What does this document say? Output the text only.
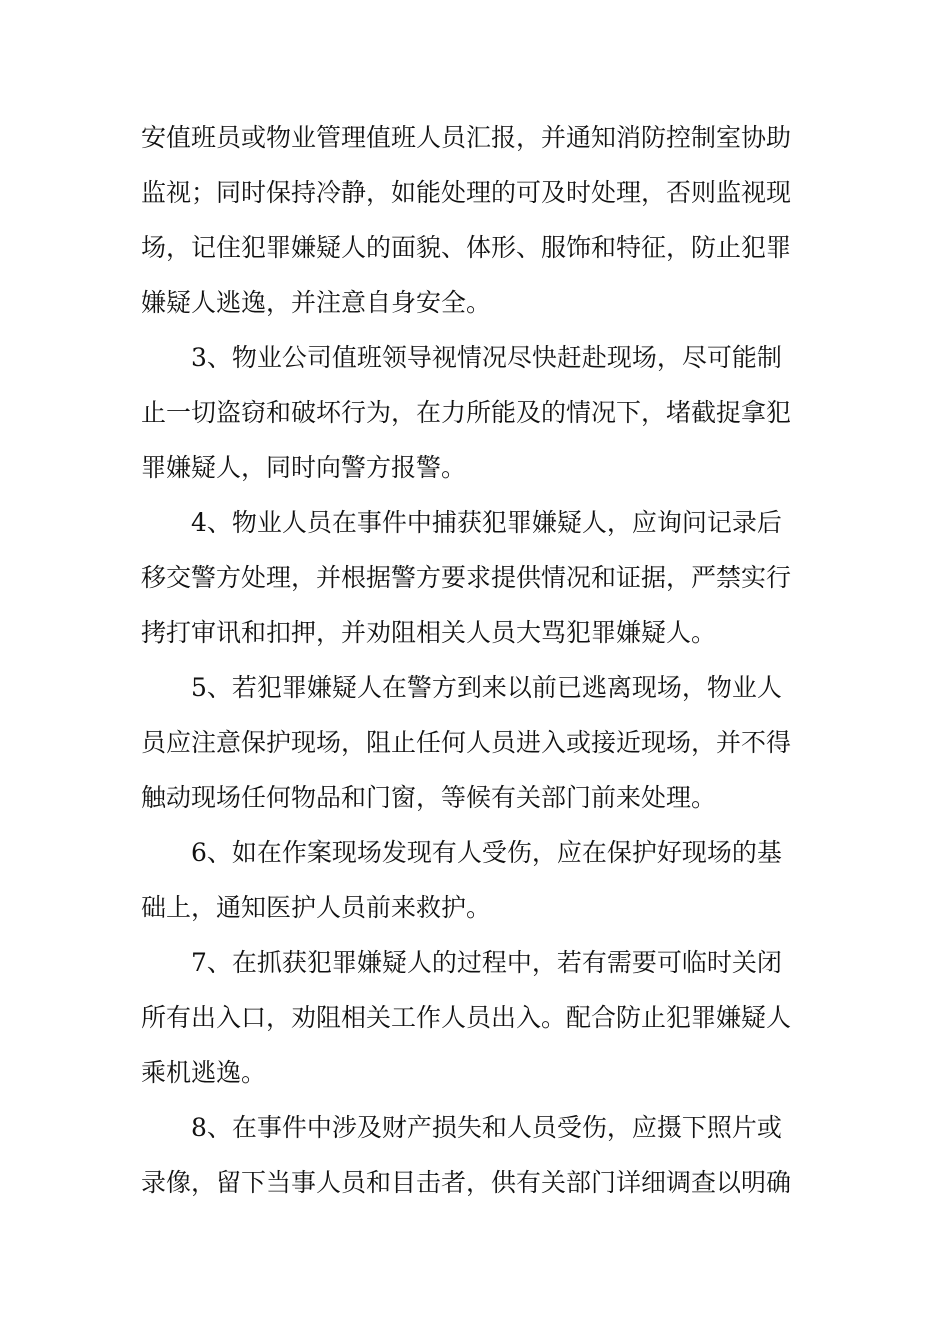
安值班员或物业管理值班人员汇报，并通知消防控制室协助
监视；同时保持冷静，如能处理的可及时处理，否则监视现
场，记住犯罪嫌疑人的面貌、体形、服饰和特征，防止犯罪
嫌疑人逃逸，并注意自身安全。
3、物业公司值班领导视情况尽快赶赴现场，尽可能制
止一切盗窃和破坏行为，在力所能及的情况下，堵截捉拿犯
罪嫌疑人，同时向警方报警。
4、物业人员在事件中捕获犯罪嫌疑人，应询问记录后
移交警方处理，并根据警方要求提供情况和证据，严禁实行
拷打审讯和扣押，并劝阻相关人员大骂犯罪嫌疑人。
5、若犯罪嫌疑人在警方到来以前已逃离现场，物业人
员应注意保护现场，阻止任何人员进入或接近现场，并不得
触动现场任何物品和门窗，等候有关部门前来处理。
6、如在作案现场发现有人受伤，应在保护好现场的基
础上，通知医护人员前来救护。
7、在抓获犯罪嫌疑人的过程中，若有需要可临时关闭
所有出入口，劝阻相关工作人员出入。配合防止犯罪嫌疑人
乘机逃逸。
8、在事件中涉及财产损失和人员受伤，应摄下照片或
录像，留下当事人员和目击者，供有关部门详细调查以明确
